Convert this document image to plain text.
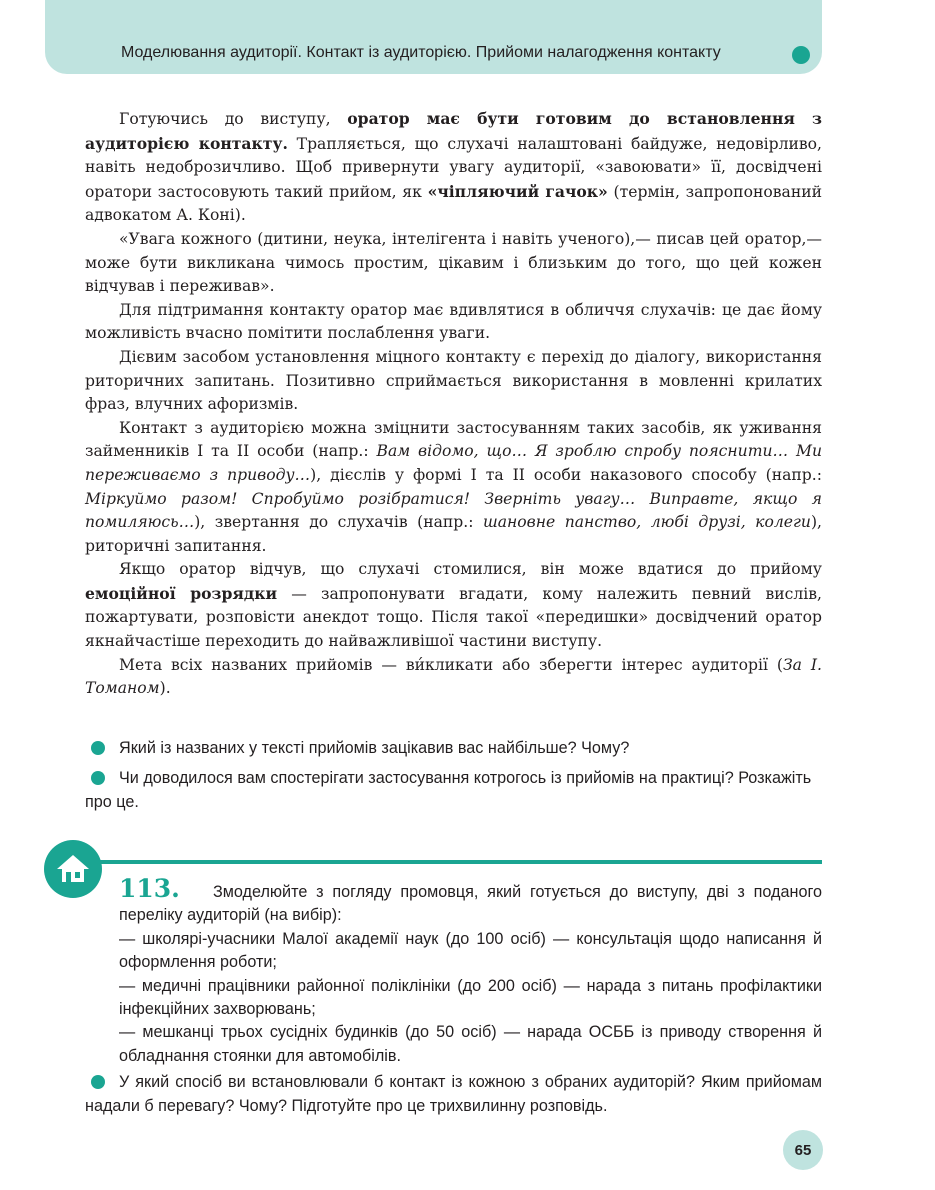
Моделювання аудиторії. Контакт із аудиторією. Прийоми налагодження контакту

Готуючись до виступу, оратор має бути готовим до встановлення з аудиторією контакту. Трапляється, що слухачі налаштовані байдуже, недовірливо, навіть недоброзичливо. Щоб привернути увагу аудиторії, «завоювати» її, досвідчені оратори застосовують такий прийом, як «чіпляючий гачок» (термін, запропонований адвокатом А. Коні).

«Увага кожного (дитини, неука, інтелігента і навіть ученого),— писав цей оратор,— може бути викликана чимось простим, цікавим і близьким до того, що цей кожен відчував і переживав».

Для підтримання контакту оратор має вдивлятися в обличчя слухачів: це дає йому можливість вчасно помітити послаблення уваги.

Дієвим засобом установлення міцного контакту є перехід до діалогу, використання риторичних запитань. Позитивно сприймається використання в мовленні крилатих фраз, влучних афоризмів.

Контакт з аудиторією можна зміцнити застосуванням таких засобів, як уживання займенників I та II особи (напр.: Вам відомо, що… Я зроблю спробу пояснити… Ми переживаємо з приводу…), дієслів у формі I та II особи наказового способу (напр.: Міркуймо разом! Спробуймо розібратися! Зверніть увагу… Виправте, якщо я помиляюсь…), звертання до слухачів (напр.: шановне панство, любі друзі, колеги), риторичні запитання.

Якщо оратор відчув, що слухачі стомилися, він може вдатися до прийому емоційної розрядки — запропонувати вгадати, кому належить певний вислів, пожартувати, розповісти анекдот тощо. Після такої «передишки» досвідчений оратор якнайчастіше переходить до найважливішої частини виступу.

Мета всіх названих прийомів — ви́кликати або зберегти інтерес аудиторії (За І. Томаном).

Який із названих у тексті прийомів зацікавив вас найбільше? Чому?
Чи доводилося вам спостерігати застосування котрогось із прийомів на практиці? Розкажіть про це.
113.	Змоделюйте з погляду промовця, який готується до виступу, дві з поданого переліку аудиторій (на вибір):
— школярі-учасники Малої академії наук (до 100 осіб) — консультація щодо написання й оформлення роботи;
— медичні працівники районної поліклініки (до 200 осіб) — нарада з питань профілактики інфекційних захворювань;
— мешканці трьох сусідніх будинків (до 50 осіб) — нарада ОСББ із приводу створення й обладнання стоянки для автомобілів.
У який спосіб ви встановлювали б контакт із кожною з обраних аудиторій? Яким прийомам надали б перевагу? Чому? Підготуйте про це трихвилинну розповідь.
65
